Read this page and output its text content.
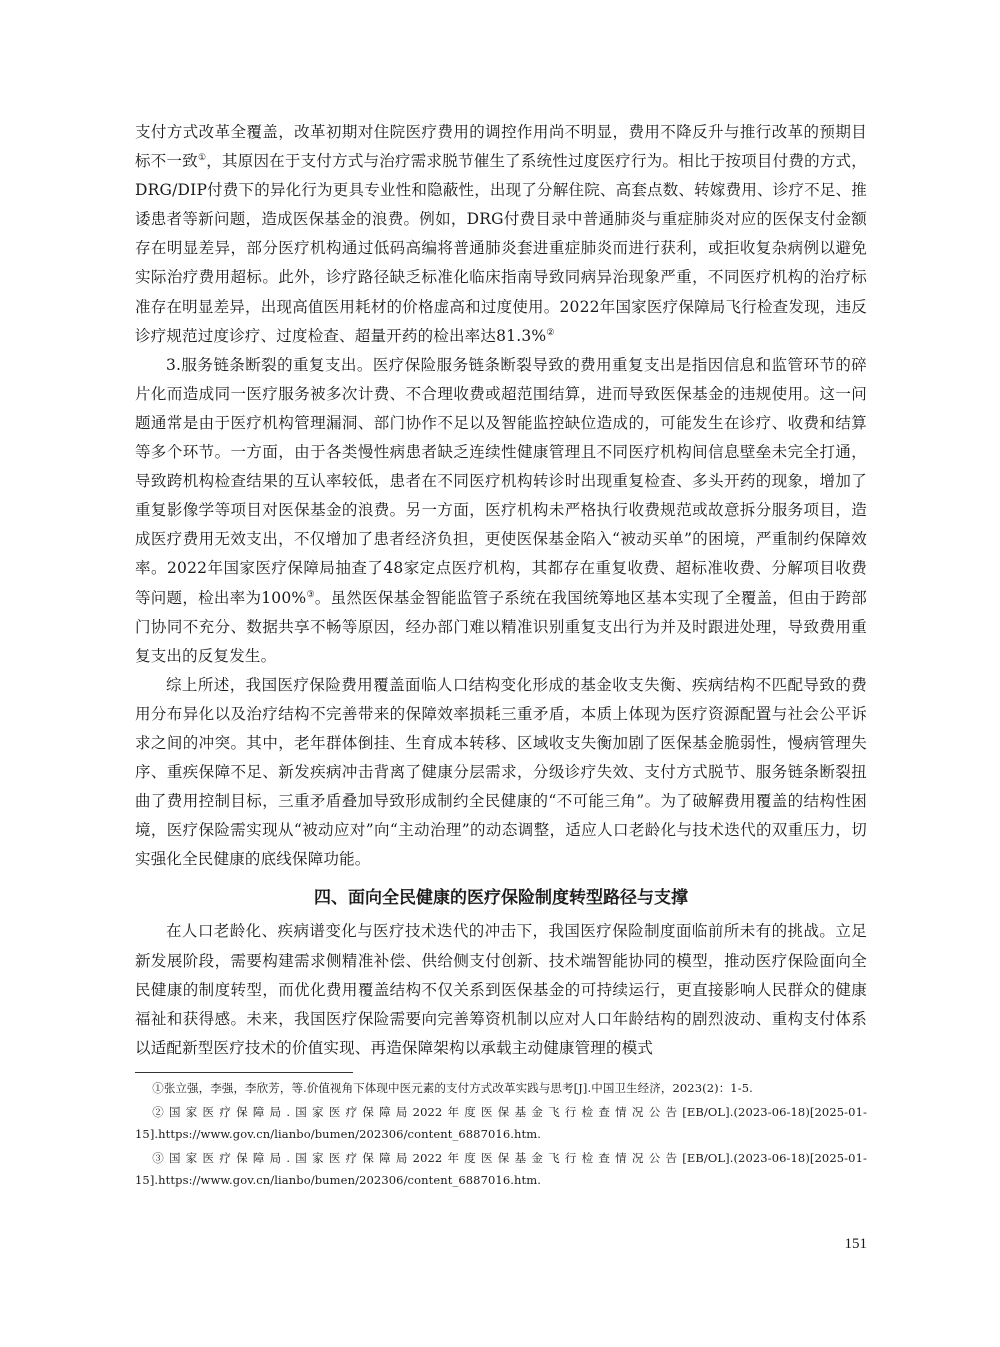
支付方式改革全覆盖，改革初期对住院医疗费用的调控作用尚不明显，费用不降反升与推行改革的预期目标不一致①，其原因在于支付方式与治疗需求脱节催生了系统性过度医疗行为。相比于按项目付费的方式，DRG/DIP付费下的异化行为更具专业性和隐蔽性，出现了分解住院、高套点数、转嫁费用、诊疗不足、推诿患者等新问题，造成医保基金的浪费。例如，DRG付费目录中普通肺炎与重症肺炎对应的医保支付金额存在明显差异，部分医疗机构通过低码高编将普通肺炎套进重症肺炎而进行获利，或拒收复杂病例以避免实际治疗费用超标。此外，诊疗路径缺乏标准化临床指南导致同病异治现象严重，不同医疗机构的治疗标准存在明显差异，出现高值医用耗材的价格虚高和过度使用。2022年国家医疗保障局飞行检查发现，违反诊疗规范过度诊疗、过度检查、超量开药的检出率达81.3%②

3.服务链条断裂的重复支出。医疗保险服务链条断裂导致的费用重复支出是指因信息和监管环节的碎片化而造成同一医疗服务被多次计费、不合理收费或超范围结算，进而导致医保基金的违规使用。这一问题通常是由于医疗机构管理漏洞、部门协作不足以及智能监控缺位造成的，可能发生在诊疗、收费和结算等多个环节。一方面，由于各类慢性病患者缺乏连续性健康管理且不同医疗机构间信息壁垒未完全打通，导致跨机构检查结果的互认率较低，患者在不同医疗机构转诊时出现重复检查、多头开药的现象，增加了重复影像学等项目对医保基金的浪费。另一方面，医疗机构未严格执行收费规范或故意拆分服务项目，造成医疗费用无效支出，不仅增加了患者经济负担，更使医保基金陷入“被动买单”的困境，严重制约保障效率。2022年国家医疗保障局抽查了48家定点医疗机构，其都存在重复收费、超标准收费、分解项目收费等问题，检出率为100%③。虽然医保基金智能监管子系统在我国统筹地区基本实现了全覆盖，但由于跨部门协同不充分、数据共享不畅等原因，经办部门难以精准识别重复支出行为并及时跟进处理，导致费用重复支出的反复发生。

综上所述，我国医疗保险费用覆盖面临人口结构变化形成的基金收支失衡、疾病结构不匹配导致的费用分布异化以及治疗结构不完善带来的保障效率损耗三重矛盾，本质上体现为医疗资源配置与社会公平诉求之间的冲突。其中，老年群体倒挂、生育成本转移、区域收支失衡加剧了医保基金脆弱性，慢病管理失序、重疾保障不足、新发疾病冲击背离了健康分层需求，分级诊疗失效、支付方式脱节、服务链条断裂扭曲了费用控制目标，三重矛盾叠加导致形成制约全民健康的“不可能三角”。为了破解费用覆盖的结构性困境，医疗保险需实现从“被动应对”向“主动治理”的动态调整，适应人口老龄化与技术迭代的双重压力，切实强化全民健康的底线保障功能。

四、面向全民健康的医疗保险制度转型路径与支撑

在人口老龄化、疾病谱变化与医疗技术迭代的冲击下，我国医疗保险制度面临前所未有的挑战。立足新发展阶段，需要构建需求侧精准补偿、供给侧支付创新、技术端智能协同的模型，推动医疗保险面向全民健康的制度转型，而优化费用覆盖结构不仅关系到医保基金的可持续运行，更直接影响人民群众的健康福祉和获得感。未来，我国医疗保险需要向完善筹资机制以应对人口年龄结构的剧烈波动、重构支付体系以适配新型医疗技术的价值实现、再造保障架构以承载主动健康管理的模式

①张立强，李强，李欣芳，等.价值视角下体现中医元素的支付方式改革实践与思考[J].中国卫生经济，2023(2)：1-5.

②国家医疗保障局.国家医疗保障局2022年度医保基金飞行检查情况公告[EB/OL].(2023-06-18)[2025-01-15].https://www.gov.cn/lianbo/bumen/202306/content_6887016.htm.

③国家医疗保障局.国家医疗保障局2022年度医保基金飞行检查情况公告[EB/OL].(2023-06-18)[2025-01-15].https://www.gov.cn/lianbo/bumen/202306/content_6887016.htm.

151
